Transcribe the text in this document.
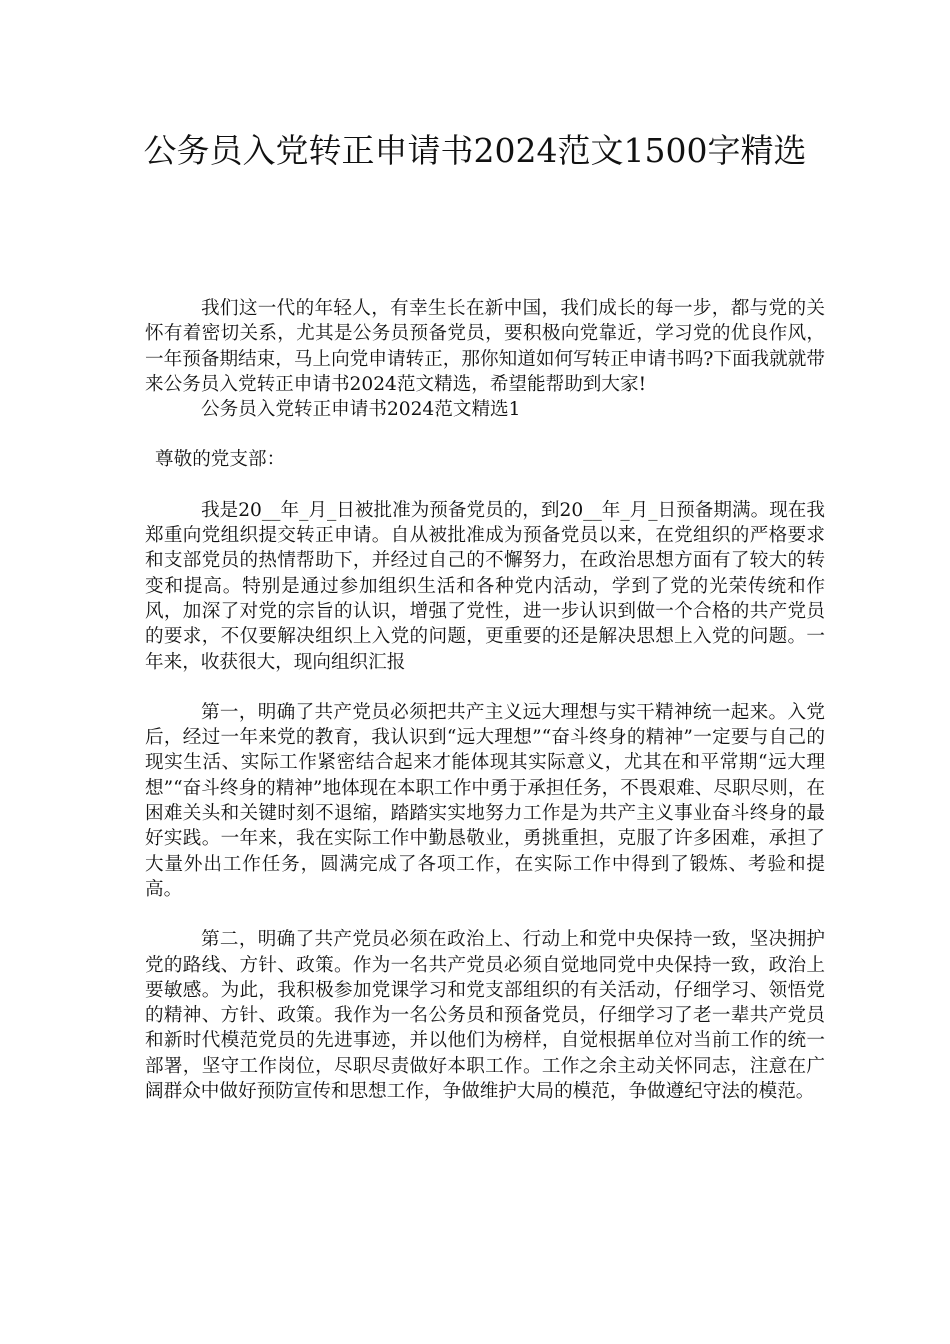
公务员入党转正申请书2024范文1500字精选

我们这一代的年轻人，有幸生长在新中国，我们成长的每一步，都与党的关怀有着密切关系，尤其是公务员预备党员，要积极向党靠近，学习党的优良作风，一年预备期结束，马上向党申请转正，那你知道如何写转正申请书吗?下面我就就带来公务员入党转正申请书2024范文精选，希望能帮助到大家!

公务员入党转正申请书2024范文精选1

尊敬的党支部：

我是20__年_月_日被批准为预备党员的，到20__年_月_日预备期满。现在我郑重向党组织提交转正申请。自从被批准成为预备党员以来，在党组织的严格要求和支部党员的热情帮助下，并经过自己的不懈努力，在政治思想方面有了较大的转变和提高。特别是通过参加组织生活和各种党内活动，学到了党的光荣传统和作风，加深了对党的宗旨的认识，增强了党性，进一步认识到做一个合格的共产党员的要求，不仅要解决组织上入党的问题，更重要的还是解决思想上入党的问题。一年来，收获很大，现向组织汇报

第一，明确了共产党员必须把共产主义远大理想与实干精神统一起来。入党后，经过一年来党的教育，我认识到“远大理想”“奋斗终身的精神”一定要与自己的现实生活、实际工作紧密结合起来才能体现其实际意义，尤其在和平常期“远大理想”“奋斗终身的精神”地体现在本职工作中勇于承担任务，不畏艰难、尽职尽则，在困难关头和关键时刻不退缩，踏踏实实地努力工作是为共产主义事业奋斗终身的最好实践。一年来，我在实际工作中勤恳敬业，勇挑重担，克服了许多困难，承担了大量外出工作任务，圆满完成了各项工作，在实际工作中得到了锻炼、考验和提高。

第二，明确了共产党员必须在政治上、行动上和党中央保持一致，坚决拥护党的路线、方针、政策。作为一名共产党员必须自觉地同党中央保持一致，政治上要敏感。为此，我积极参加党课学习和党支部组织的有关活动，仔细学习、领悟党的精神、方针、政策。我作为一名公务员和预备党员，仔细学习了老一辈共产党员和新时代模范党员的先进事迹，并以他们为榜样，自觉根据单位对当前工作的统一部署，坚守工作岗位，尽职尽责做好本职工作。工作之余主动关怀同志，注意在广阔群众中做好预防宣传和思想工作，争做维护大局的模范，争做遵纪守法的模范。
